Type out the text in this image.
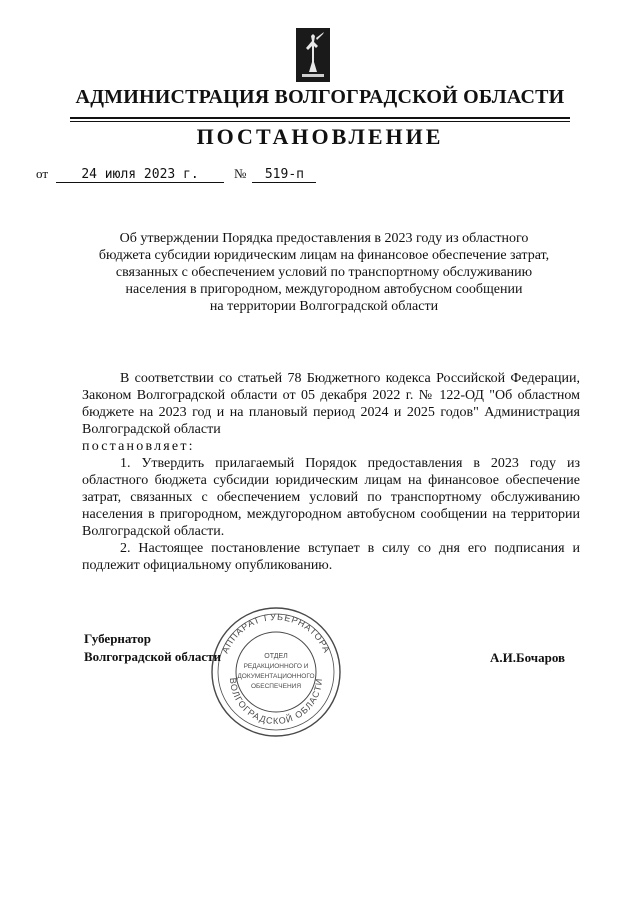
АДМИНИСТРАЦИЯ ВОЛГОГРАДСКОЙ ОБЛАСТИ
ПОСТАНОВЛЕНИЕ
от	24 июля 2023 г.	№	519-п
Об утверждении Порядка предоставления в 2023 году из областного
бюджета субсидии юридическим лицам на финансовое обеспечение затрат,
связанных с обеспечением условий по транспортному обслуживанию
населения в пригородном, междугородном автобусном сообщении
на территории Волгоградской области

В соответствии со статьей 78 Бюджетного кодекса Российской Федерации, Законом Волгоградской области от 05 декабря 2022 г. № 122-ОД "Об областном бюджете на 2023 год и на плановый период 2024 и 2025 годов" Администрация Волгоградской области

постановляет:

1. Утвердить прилагаемый Порядок предоставления в 2023 году из областного бюджета субсидии юридическим лицам на финансовое обеспечение затрат, связанных с обеспечением условий по транспортному обслуживанию населения в пригородном, междугородном автобусном сообщении на территории Волгоградской области.

2. Настоящее постановление вступает в силу со дня его подписания и подлежит официальному опубликованию.

АППАРАТ ГУБЕРНАТОРА
ВОЛГОГРАДСКОЙ ОБЛАСТИ
ОТДЕЛ
РЕДАКЦИОННОГО И
ДОКУМЕНТАЦИОННОГО
ОБЕСПЕЧЕНИЯ
Губернатор
Волгоградской области	А.И.Бочаров
